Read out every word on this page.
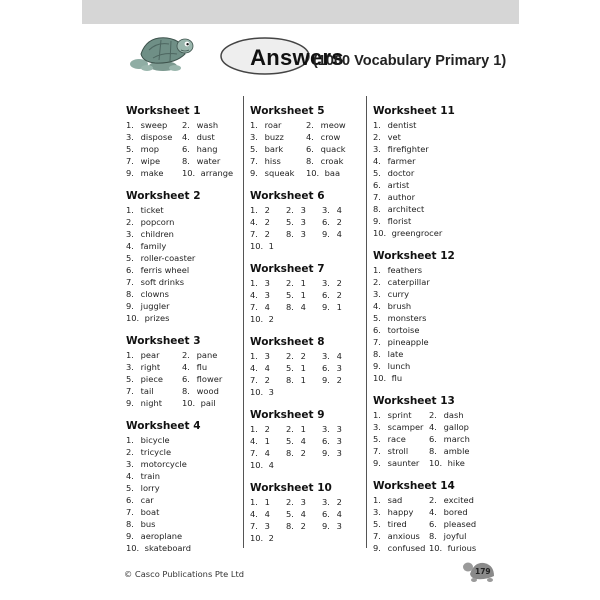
Answers
(1000 Vocabulary Primary 1)
Worksheet 1
1. sweep	2. wash
3. dispose	4. dust
5. mop	6. hang
7. wipe	8. water
9. make	10. arrange
Worksheet 2
1. ticket
2. popcorn
3. children
4. family
5. roller-coaster
6. ferris wheel
7. soft drinks
8. clowns
9. juggler
10. prizes
Worksheet 3
1. pear	2. pane
3. right	4. flu
5. piece	6. flower
7. tail	8. wood
9. night	10. pail
Worksheet 4
1. bicycle
2. tricycle
3. motorcycle
4. train
5. lorry
6. car
7. boat
8. bus
9. aeroplane
10. skateboard
Worksheet 5
1. roar	2. meow
3. buzz	4. crow
5. bark	6. quack
7. hiss	8. croak
9. squeak	10. baa
Worksheet 6
1. 2	2. 3	3. 4
4. 2	5. 3	6. 2
7. 2	8. 3	9. 4
10. 1
Worksheet 7
1. 3	2. 1	3. 2
4. 3	5. 1	6. 2
7. 4	8. 4	9. 1
10. 2
Worksheet 8
1. 3	2. 2	3. 4
4. 4	5. 1	6. 3
7. 2	8. 1	9. 2
10. 3
Worksheet 9
1. 2	2. 1	3. 3
4. 1	5. 4	6. 3
7. 4	8. 2	9. 3
10. 4
Worksheet 10
1. 1	2. 3	3. 2
4. 4	5. 4	6. 4
7. 3	8. 2	9. 3
10. 2
Worksheet 11
1. dentist
2. vet
3. firefighter
4. farmer
5. doctor
6. artist
7. author
8. architect
9. florist
10. greengrocer
Worksheet 12
1. feathers
2. caterpillar
3. curry
4. brush
5. monsters
6. tortoise
7. pineapple
8. late
9. lunch
10. flu
Worksheet 13
1. sprint	2. dash
3. scamper 4. gallop
5. race	6. march
7. stroll	8. amble
9. saunter	10. hike
Worksheet 14
1. sad	2. excited
3. happy	4. bored
5. tired	6. pleased
7. anxious	8. joyful
9. confused 10. furious
© Casco Publications Pte Ltd	179
